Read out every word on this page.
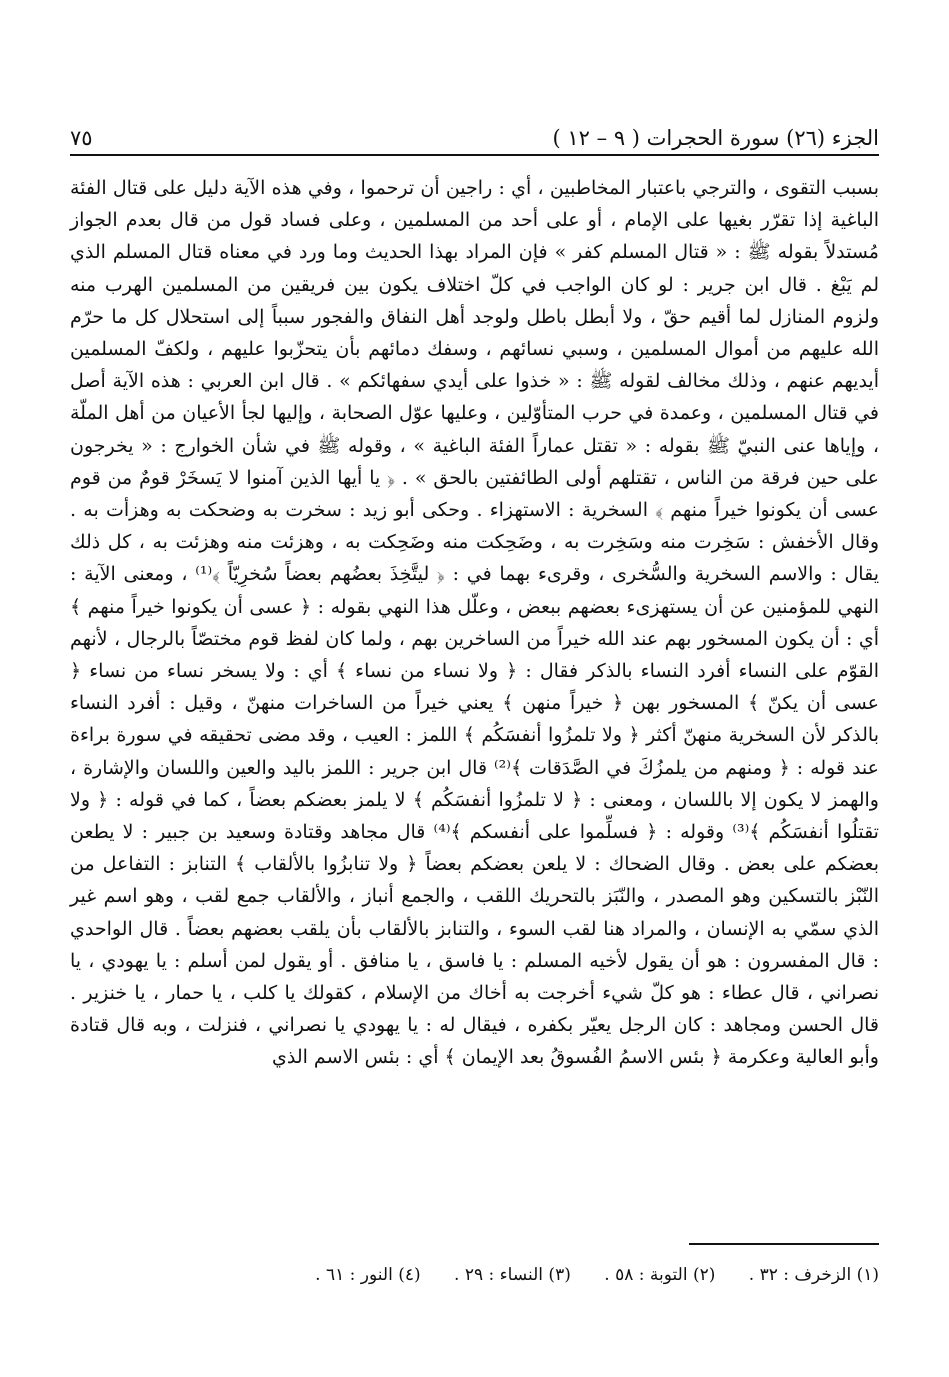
الجزء (٢٦) سورة الحجرات ( ٩ – ١٢ )
٧٥

بسبب التقوى ، والترجي باعتبار المخاطبين ، أي : راجين أن ترحموا ، وفي هذه الآية دليل على قتال الفئة الباغية إذا تقرّر بغيها على الإمام ، أو على أحد من المسلمين ، وعلى فساد قول من قال بعدم الجواز مُستدلاً بقوله ﷺ : « قتال المسلم كفر » فإن المراد بهذا الحديث وما ورد في معناه قتال المسلم الذي لم يَبْغ . قال ابن جرير : لو كان الواجب في كلّ اختلاف يكون بين فريقين من المسلمين الهرب منه ولزوم المنازل لما أقيم حقّ ، ولا أبطل باطل ولوجد أهل النفاق والفجور سبباً إلى استحلال كل ما حرّم الله عليهم من أموال المسلمين ، وسبي نسائهم ، وسفك دمائهم بأن يتحزّبوا عليهم ، ولكفّ المسلمين أيديهم عنهم ، وذلك مخالف لقوله ﷺ : « خذوا على أيدي سفهائكم » . قال ابن العربي : هذه الآية أصل في قتال المسلمين ، وعمدة في حرب المتأوّلين ، وعليها عوّل الصحابة ، وإليها لجأ الأعيان من أهل الملّة ، وإياها عنى النبيّ ﷺ بقوله : « تقتل عماراً الفئة الباغية » ، وقوله ﷺ في شأن الخوارج : « يخرجون على حين فرقة من الناس ، تقتلهم أولى الطائفتين بالحق » . ﴿ يا أيها الذين آمنوا لا يَسخَرْ قومٌ من قوم عسى أن يكونوا خيراً منهم ﴾ السخرية : الاستهزاء . وحكى أبو زيد : سخرت به وضحكت به وهزأت به . وقال الأخفش : سَخِرت منه وسَخِرت به ، وضَحِكت منه وضَحِكت به ، وهزئت منه وهزئت به ، كل ذلك يقال : والاسم السخرية والسُّخرى ، وقرىء بهما في : ﴿ ليتَّخِذَ بعضُهم بعضاً سُخرِيّاً ﴾⁽¹⁾ ، ومعنى الآية : النهي للمؤمنين عن أن يستهزىء بعضهم ببعض ، وعلّل هذا النهي بقوله : ﴿ عسى أن يكونوا خيراً منهم ﴾ أي : أن يكون المسخور بهم عند الله خيراً من الساخرين بهم ، ولما كان لفظ قوم مختصّاً بالرجال ، لأنهم القوّم على النساء أفرد النساء بالذكر فقال : ﴿ ولا نساء من نساء ﴾ أي : ولا يسخر نساء من نساء ﴿ عسى أن يكنّ ﴾ المسخور بهن ﴿ خيراً منهن ﴾ يعني خيراً من الساخرات منهنّ ، وقيل : أفرد النساء بالذكر لأن السخرية منهنّ أكثر ﴿ ولا تلمزُوا أنفسَكُم ﴾ اللمز : العيب ، وقد مضى تحقيقه في سورة براءة عند قوله : ﴿ ومنهم من يلمزُكَ في الصَّدَقات ﴾⁽²⁾ قال ابن جرير : اللمز باليد والعين واللسان والإشارة ، والهمز لا يكون إلا باللسان ، ومعنى : ﴿ لا تلمزُوا أنفسَكُم ﴾ لا يلمز بعضكم بعضاً ، كما في قوله : ﴿ ولا تقتلُوا أنفسَكُم ﴾⁽³⁾ وقوله : ﴿ فسلِّموا على أنفسكم ﴾⁽⁴⁾ قال مجاهد وقتادة وسعيد بن جبير : لا يطعن بعضكم على بعض . وقال الضحاك : لا يلعن بعضكم بعضاً ﴿ ولا تنابزُوا بالألقاب ﴾ التنابز : التفاعل من النّبْز بالتسكين وهو المصدر ، والنّبَز بالتحريك اللقب ، والجمع أنباز ، والألقاب جمع لقب ، وهو اسم غير الذي سمّي به الإنسان ، والمراد هنا لقب السوء ، والتنابز بالألقاب بأن يلقب بعضهم بعضاً . قال الواحدي : قال المفسرون : هو أن يقول لأخيه المسلم : يا فاسق ، يا منافق . أو يقول لمن أسلم : يا يهودي ، يا نصراني ، قال عطاء : هو كلّ شيء أخرجت به أخاك من الإسلام ، كقولك يا كلب ، يا حمار ، يا خنزير . قال الحسن ومجاهد : كان الرجل يعيّر بكفره ، فيقال له : يا يهودي يا نصراني ، فنزلت ، وبه قال قتادة وأبو العالية وعكرمة ﴿ بئس الاسمُ الفُسوقُ بعد الإيمان ﴾ أي : بئس الاسم الذي

(١) الزخرف : ٣٢ . (٢) التوبة : ٥٨ . (٣) النساء : ٢٩ . (٤) النور : ٦١ .
